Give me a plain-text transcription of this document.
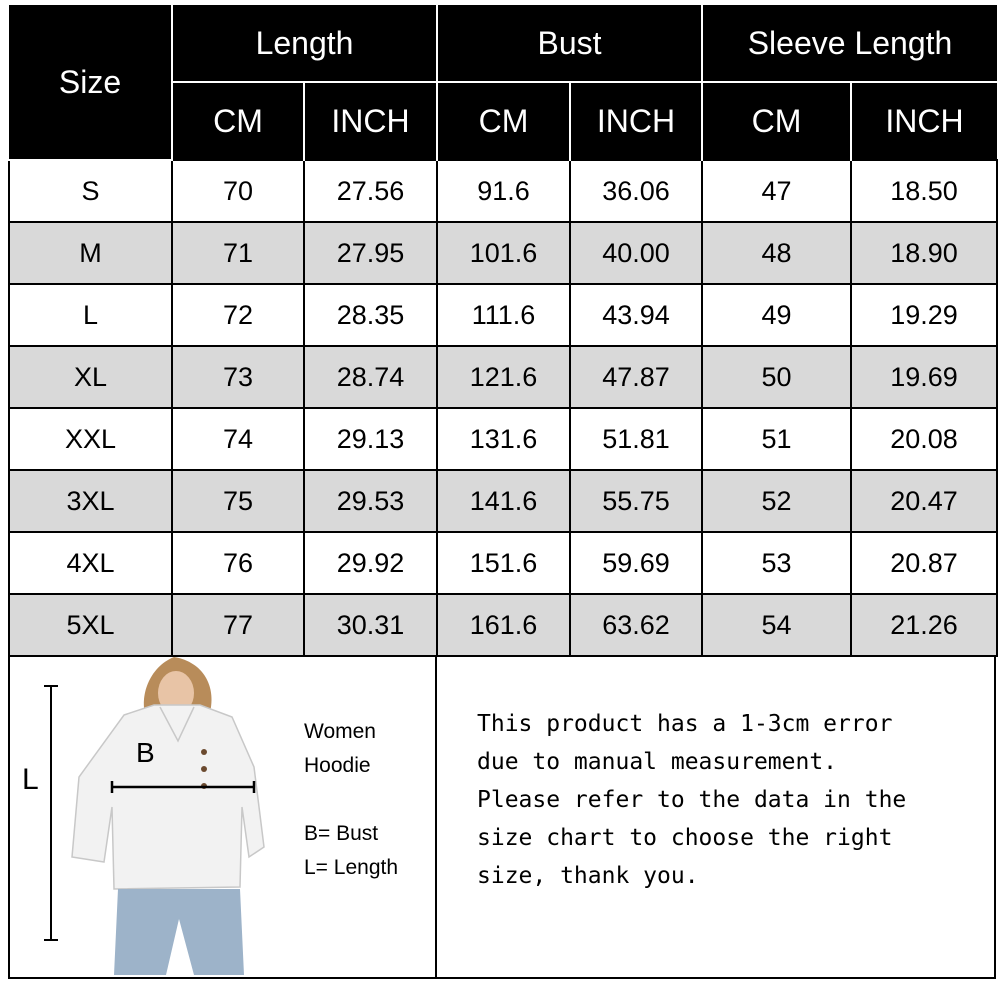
Size	Length		Bust		Sleeve Length	
	CM	INCH	CM	INCH	CM	INCH
S	70	27.56	91.6	36.06	47	18.50
M	71	27.95	101.6	40.00	48	18.90
L	72	28.35	111.6	43.94	49	19.29
XL	73	28.74	121.6	47.87	50	19.69
XXL	74	29.13	131.6	51.81	51	20.08
3XL	75	29.53	141.6	55.75	52	20.47
4XL	76	29.92	151.6	59.69	53	20.87
5XL	77	30.31	161.6	63.62	54	21.26
L
B
Women
Hoodie
B= Bust
L= Length
This product has a 1-3cm error
due to manual measurement.
Please refer to the data in the
size chart to choose the right
size, thank you.
